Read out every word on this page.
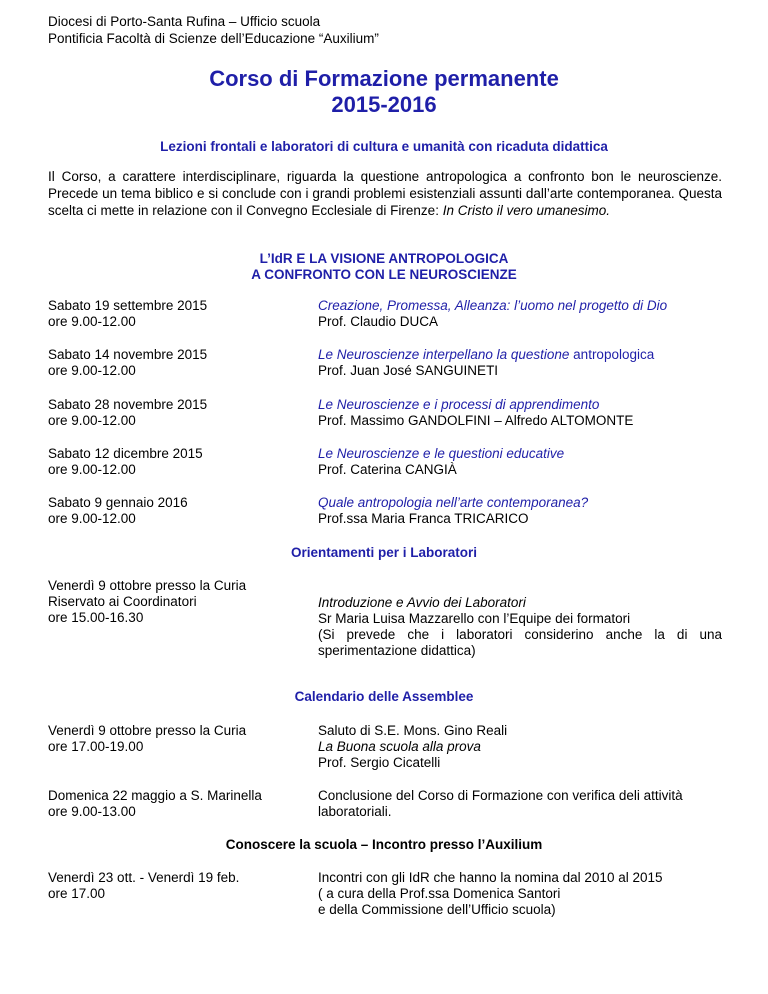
Diocesi di Porto-Santa Rufina – Ufficio scuola
Pontificia Facoltà di Scienze dell’Educazione “Auxilium”
Corso di Formazione permanente
2015-2016
Lezioni frontali e laboratori di cultura e umanità con ricaduta didattica
Il Corso, a carattere interdisciplinare, riguarda la questione antropologica a confronto bon le neuroscienze. Precede un tema biblico e si conclude con i grandi problemi esistenziali assunti dall’arte contemporanea. Questa scelta ci mette in relazione con il Convegno Ecclesiale di Firenze: In Cristo il vero umanesimo.
L’IdR E LA VISIONE ANTROPOLOGICA
A CONFRONTO CON LE NEUROSCIENZE
Sabato 19 settembre 2015
ore 9.00-12.00
Creazione, Promessa, Alleanza: l’uomo nel progetto di Dio
Prof. Claudio DUCA
Sabato 14 novembre 2015
ore 9.00-12.00
Le Neuroscienze interpellano la questione antropologica
Prof. Juan José SANGUINETI
Sabato 28 novembre 2015
ore 9.00-12.00
Le Neuroscienze e i processi di apprendimento
Prof. Massimo GANDOLFINI – Alfredo ALTOMONTE
Sabato 12 dicembre 2015
ore 9.00-12.00
Le Neuroscienze e le questioni educative
Prof. Caterina CANGIÀ
Sabato 9 gennaio 2016
ore 9.00-12.00
Quale antropologia nell’arte contemporanea?
Prof.ssa Maria Franca TRICARICO
Orientamenti per i Laboratori
Venerdì 9 ottobre presso la Curia
Riservato ai Coordinatori
ore 15.00-16.30
Introduzione e Avvio dei Laboratori
Sr Maria Luisa Mazzarello con l’Equipe dei formatori
(Si prevede che i laboratori considerino anche la di una sperimentazione didattica)
Calendario delle Assemblee
Venerdì 9 ottobre presso la Curia
ore 17.00-19.00
Saluto di S.E. Mons. Gino Reali
La Buona scuola alla prova
Prof. Sergio Cicatelli
Domenica 22 maggio a S. Marinella
ore 9.00-13.00
Conclusione del Corso di Formazione con verifica deli attività laboratoriali.
Conoscere la scuola – Incontro presso l’Auxilium
Venerdì 23 ott. - Venerdì 19 feb.
ore 17.00
Incontri con gli IdR che hanno la nomina dal 2010 al 2015
( a cura della Prof.ssa Domenica Santori
e della Commissione dell’Ufficio scuola)
